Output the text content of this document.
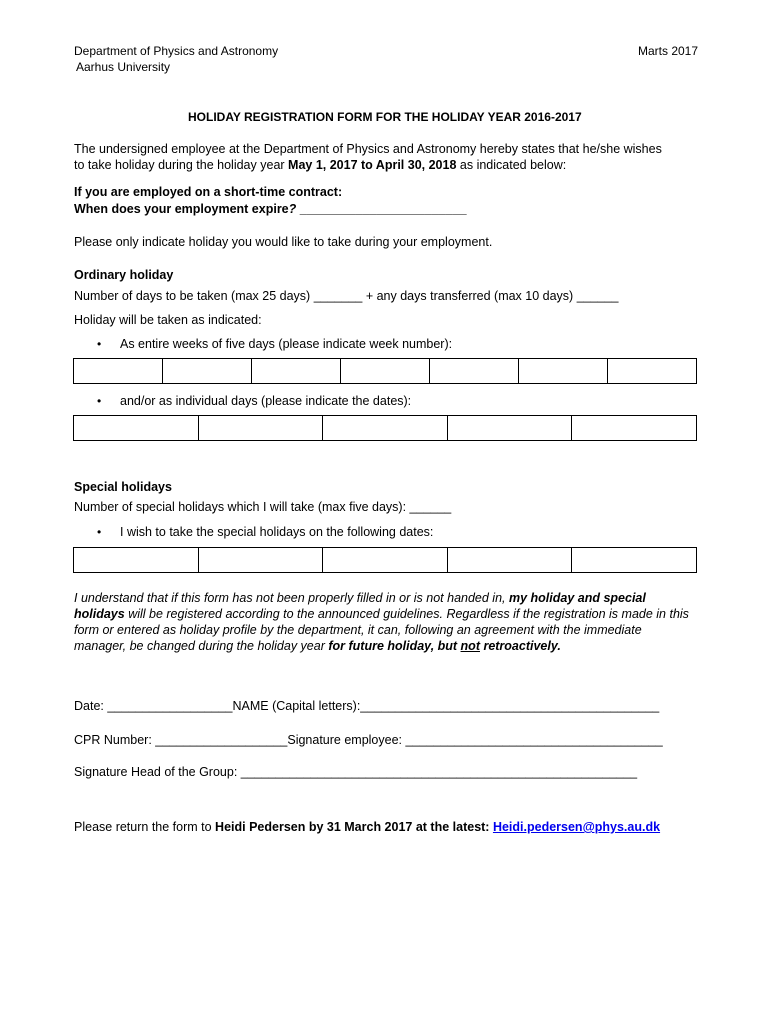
Department of Physics and Astronomy
Aarhus University
Marts 2017
HOLIDAY REGISTRATION FORM FOR THE HOLIDAY YEAR 2016-2017
The undersigned employee at the Department of Physics and Astronomy hereby states that he/she wishes
to take holiday during the holiday year May 1, 2017 to April 30, 2018 as indicated below:
If you are employed on a short-time contract:
When does your employment expire? ________________________
Please only indicate holiday you would like to take during your employment.
Ordinary holiday
Number of days to be taken (max 25 days) _______ + any days transferred (max 10 days) ______
Holiday will be taken as indicated:
• As entire weeks of five days (please indicate week number):

• and/or as individual days (please indicate the dates):

Special holidays
Number of special holidays which I will take (max five days): ______
• I wish to take the special holidays on the following dates:

I understand that if this form has not been properly filled in or is not handed in, my holiday and special holidays will be registered according to the announced guidelines. Regardless if the registration is made in this form or entered as holiday profile by the department, it can, following an agreement with the immediate manager, be changed during the holiday year for future holiday, but not retroactively.
Date: __________________NAME (Capital letters):___________________________________________
CPR Number: ___________________Signature employee: _____________________________________
Signature Head of the Group: _________________________________________________________
Please return the form to Heidi Pedersen by 31 March 2017 at the latest: Heidi.pedersen@phys.au.dk
